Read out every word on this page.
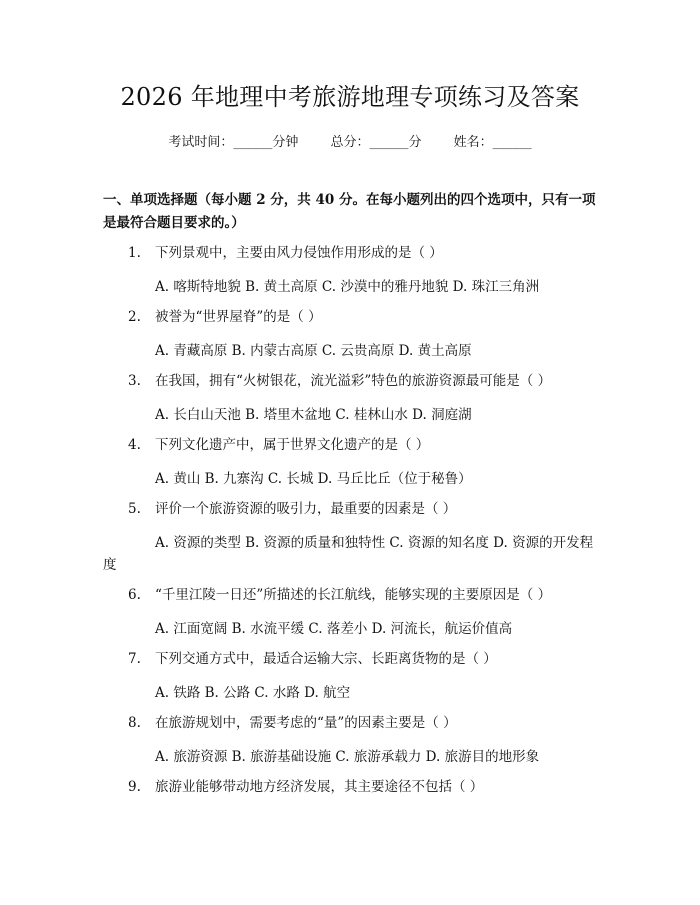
2026 年地理中考旅游地理专项练习及答案
考试时间：______分钟 总分：______分 姓名：______
一、单项选择题（每小题 2 分，共 40 分。在每小题列出的四个选项中，只有一项是最符合题目要求的。）
1. 下列景观中，主要由风力侵蚀作用形成的是（ ）
A. 喀斯特地貌 B. 黄土高原 C. 沙漠中的雅丹地貌 D. 珠江三角洲
2. 被誉为“世界屋脊”的是（ ）
A. 青藏高原 B. 内蒙古高原 C. 云贵高原 D. 黄土高原
3. 在我国，拥有“火树银花，流光溢彩”特色的旅游资源最可能是（ ）
A. 长白山天池 B. 塔里木盆地 C. 桂林山水 D. 洞庭湖
4. 下列文化遗产中，属于世界文化遗产的是（ ）
A. 黄山 B. 九寨沟 C. 长城 D. 马丘比丘（位于秘鲁）
5. 评价一个旅游资源的吸引力，最重要的因素是（ ）
A. 资源的类型 B. 资源的质量和独特性 C. 资源的知名度 D. 资源的开发程度
6. “千里江陵一日还”所描述的长江航线，能够实现的主要原因是（ ）
A. 江面宽阔 B. 水流平缓 C. 落差小 D. 河流长，航运价值高
7. 下列交通方式中，最适合运输大宗、长距离货物的是（ ）
A. 铁路 B. 公路 C. 水路 D. 航空
8. 在旅游规划中，需要考虑的“量”的因素主要是（ ）
A. 旅游资源 B. 旅游基础设施 C. 旅游承载力 D. 旅游目的地形象
9. 旅游业能够带动地方经济发展，其主要途径不包括（ ）
